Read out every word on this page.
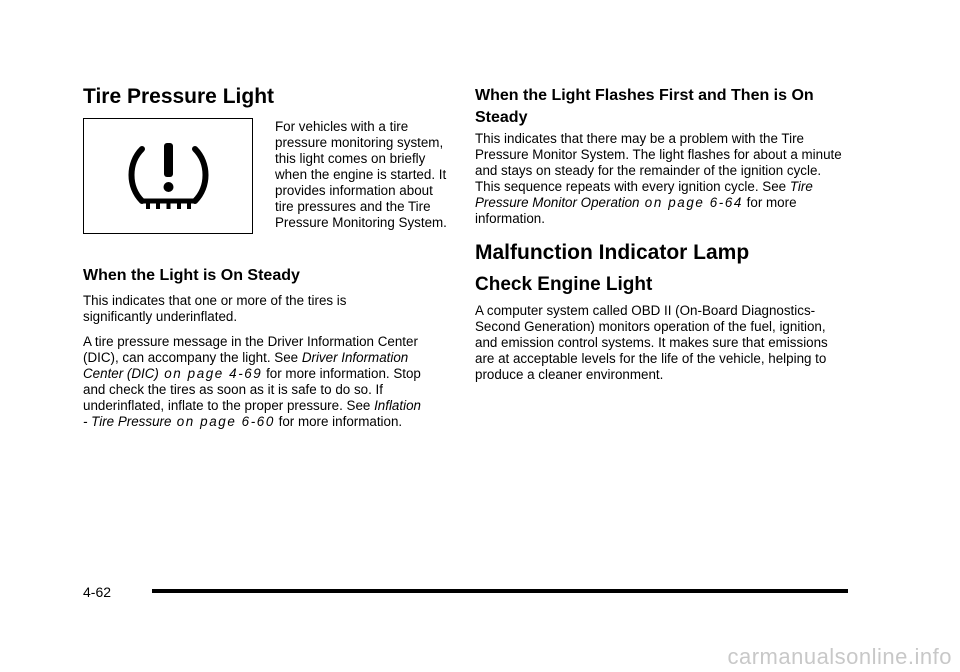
Tire Pressure Light

For vehicles with a tire pressure monitoring system, this light comes on briefly when the engine is started. It provides information about tire pressures and the Tire Pressure Monitoring System.

When the Light is On Steady

This indicates that one or more of the tires is significantly underinflated.

A tire pressure message in the Driver Information Center (DIC), can accompany the light. See Driver Information Center (DIC) on page 4-69 for more information. Stop and check the tires as soon as it is safe to do so. If underinflated, inflate to the proper pressure. See Inflation - Tire Pressure on page 6-60 for more information.

When the Light Flashes First and Then is On Steady

This indicates that there may be a problem with the Tire Pressure Monitor System. The light flashes for about a minute and stays on steady for the remainder of the ignition cycle. This sequence repeats with every ignition cycle. See Tire Pressure Monitor Operation on page 6-64 for more information.

Malfunction Indicator Lamp
Check Engine Light

A computer system called OBD II (On-Board Diagnostics-Second Generation) monitors operation of the fuel, ignition, and emission control systems. It makes sure that emissions are at acceptable levels for the life of the vehicle, helping to produce a cleaner environment.

4-62
carmanualsonline.info
